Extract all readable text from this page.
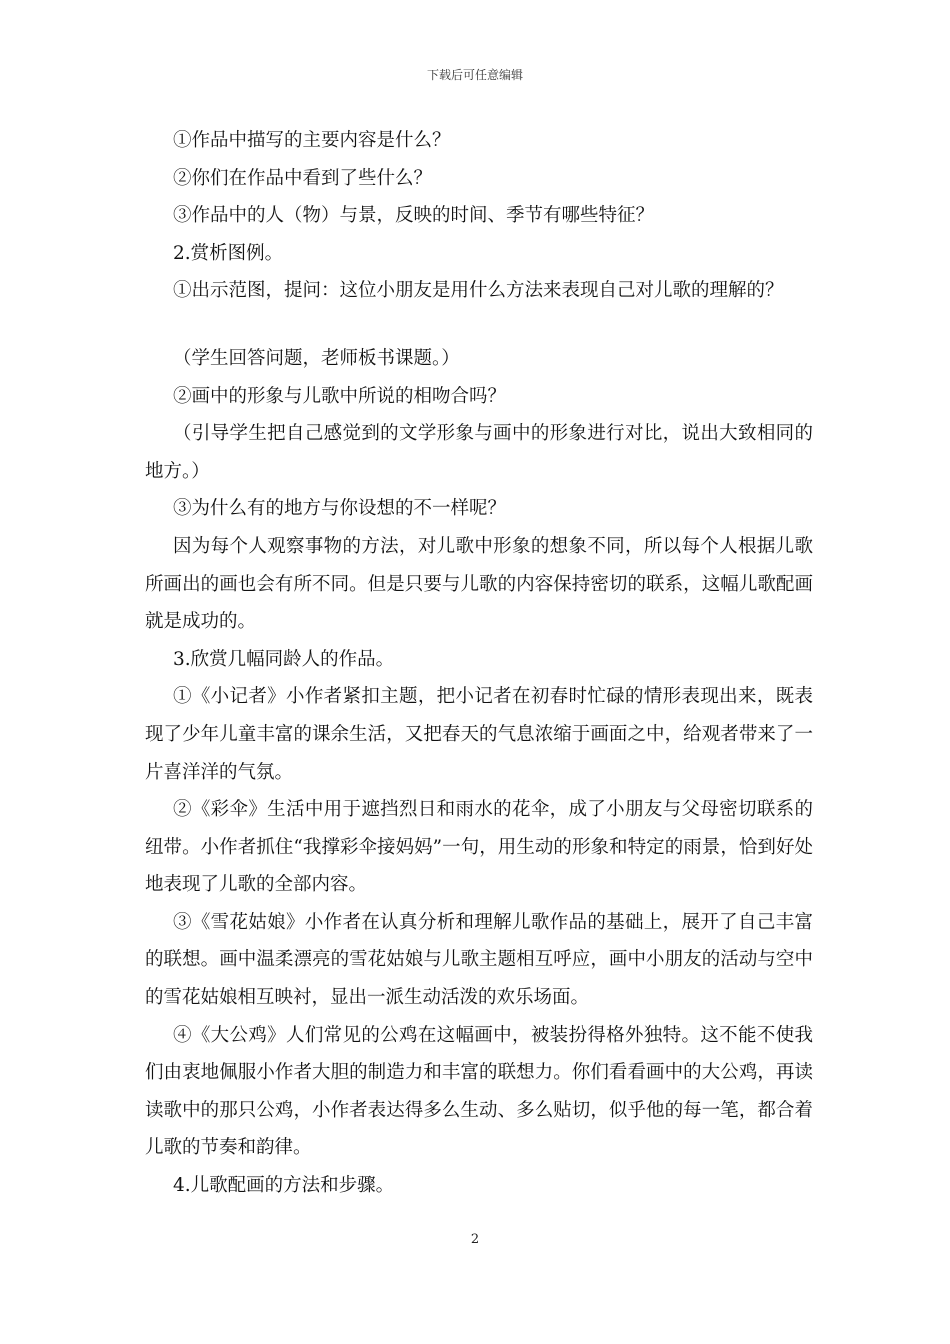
下载后可任意编辑

①作品中描写的主要内容是什么？

②你们在作品中看到了些什么？

③作品中的人（物）与景，反映的时间、季节有哪些特征？

2.赏析图例。

①出示范图，提问：这位小朋友是用什么方法来表现自己对儿歌的理解的？

（学生回答问题，老师板书课题。）

②画中的形象与儿歌中所说的相吻合吗？

（引导学生把自己感觉到的文学形象与画中的形象进行对比，说出大致相同的地方。）

③为什么有的地方与你设想的不一样呢？

因为每个人观察事物的方法，对儿歌中形象的想象不同，所以每个人根据儿歌所画出的画也会有所不同。但是只要与儿歌的内容保持密切的联系，这幅儿歌配画就是成功的。

3.欣赏几幅同龄人的作品。

①《小记者》小作者紧扣主题，把小记者在初春时忙碌的情形表现出来，既表现了少年儿童丰富的课余生活，又把春天的气息浓缩于画面之中，给观者带来了一片喜洋洋的气氛。

②《彩伞》生活中用于遮挡烈日和雨水的花伞，成了小朋友与父母密切联系的纽带。小作者抓住“我撑彩伞接妈妈”一句，用生动的形象和特定的雨景，恰到好处地表现了儿歌的全部内容。

③《雪花姑娘》小作者在认真分析和理解儿歌作品的基础上，展开了自己丰富的联想。画中温柔漂亮的雪花姑娘与儿歌主题相互呼应，画中小朋友的活动与空中的雪花姑娘相互映衬，显出一派生动活泼的欢乐场面。

④《大公鸡》人们常见的公鸡在这幅画中，被装扮得格外独特。这不能不使我们由衷地佩服小作者大胆的制造力和丰富的联想力。你们看看画中的大公鸡，再读读歌中的那只公鸡，小作者表达得多么生动、多么贴切，似乎他的每一笔，都合着儿歌的节奏和韵律。

4.儿歌配画的方法和步骤。

2
